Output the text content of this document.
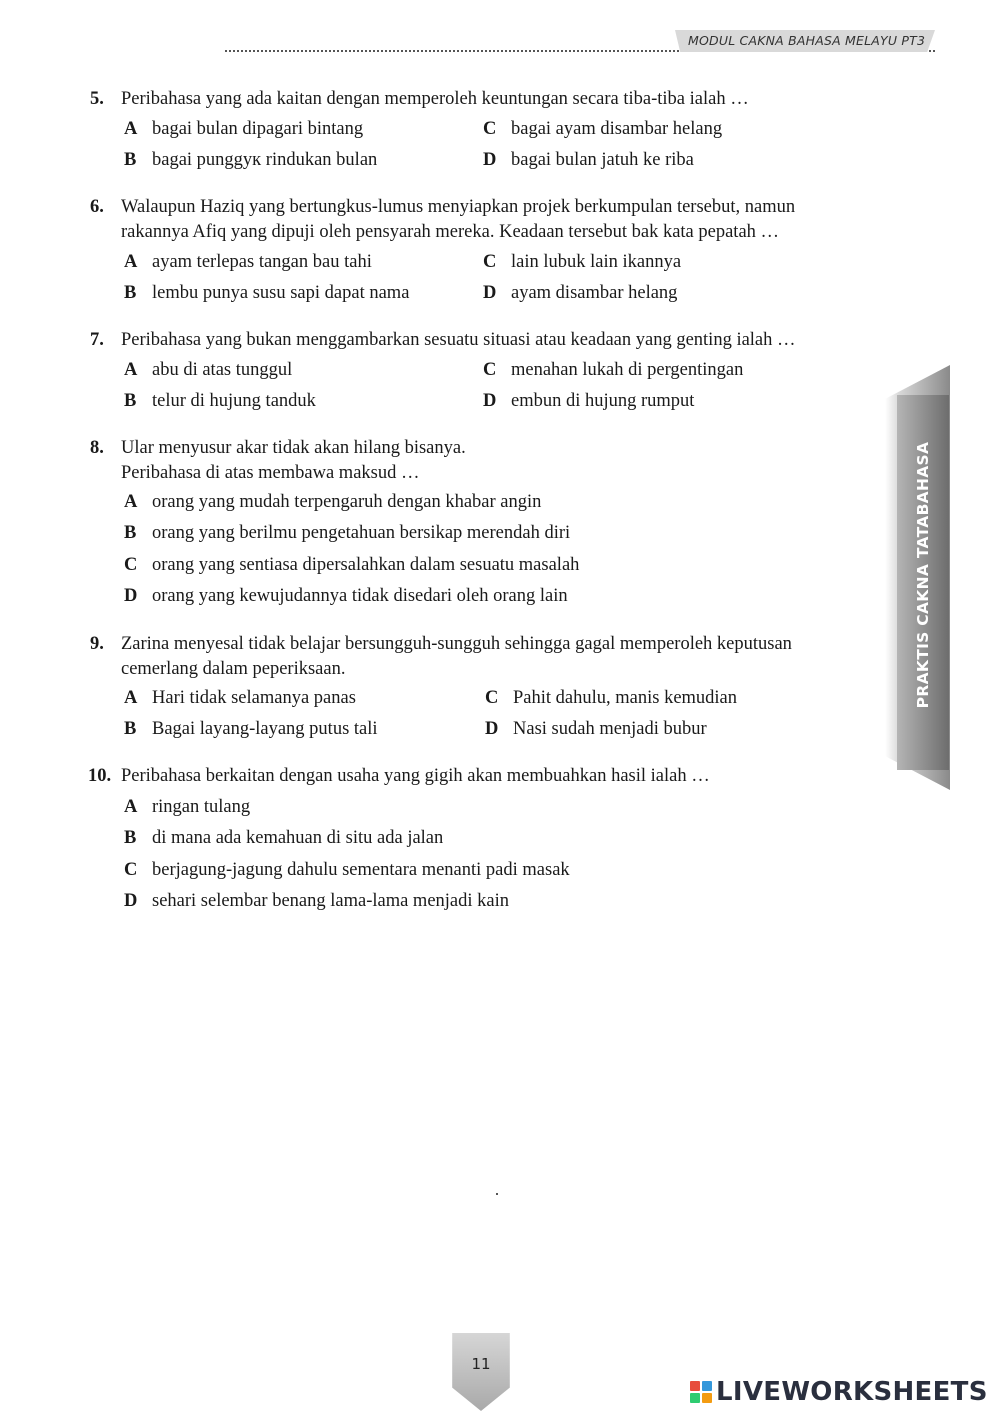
MODUL CAKNA BAHASA MELAYU PT3
5. Peribahasa yang ada kaitan dengan memperoleh keuntungan secara tiba-tiba ialah …
A bagai bulan dipagari bintang
B bagai punggук rindukan bulan
C bagai ayam disambar helang
D bagai bulan jatuh ke riba
6. Walaupun Haziq yang bertungkus-lumus menyiapkan projek berkumpulan tersebut, namun
rakannya Afiq yang dipuji oleh pensyarah mereka. Keadaan tersebut bak kata pepatah …
A ayam terlepas tangan bau tahi
B lembu punya susu sapi dapat nama
C lain lubuk lain ikannya
D ayam disambar helang
7. Peribahasa yang bukan menggambarkan sesuatu situasi atau keadaan yang genting ialah …
A abu di atas tunggul
B telur di hujung tanduk
C menahan lukah di pergentingan
D embun di hujung rumput
8. Ular menyusur akar tidak akan hilang bisanya.
Peribahasa di atas membawa maksud …
A orang yang mudah terpengaruh dengan khabar angin
B orang yang berilmu pengetahuan bersikap merendah diri
C orang yang sentiasa dipersalahkan dalam sesuatu masalah
D orang yang kewujudannya tidak disedari oleh orang lain
9. Zarina menyesal tidak belajar bersungguh-sungguh sehingga gagal memperoleh keputusan
cemerlang dalam peperiksaan.
A Hari tidak selamanya panas
B Bagai layang-layang putus tali
C Pahit dahulu, manis kemudian
D Nasi sudah menjadi bubur
10. Peribahasa berkaitan dengan usaha yang gigih akan membuahkan hasil ialah …
A ringan tulang
B di mana ada kemahuan di situ ada jalan
C berjagung-jagung dahulu sementara menanti padi masak
D sehari selembar benang lama-lama menjadi kain
PRAKTIS CAKNA TATABAHASA
11
LIVEWORKSHEETS
